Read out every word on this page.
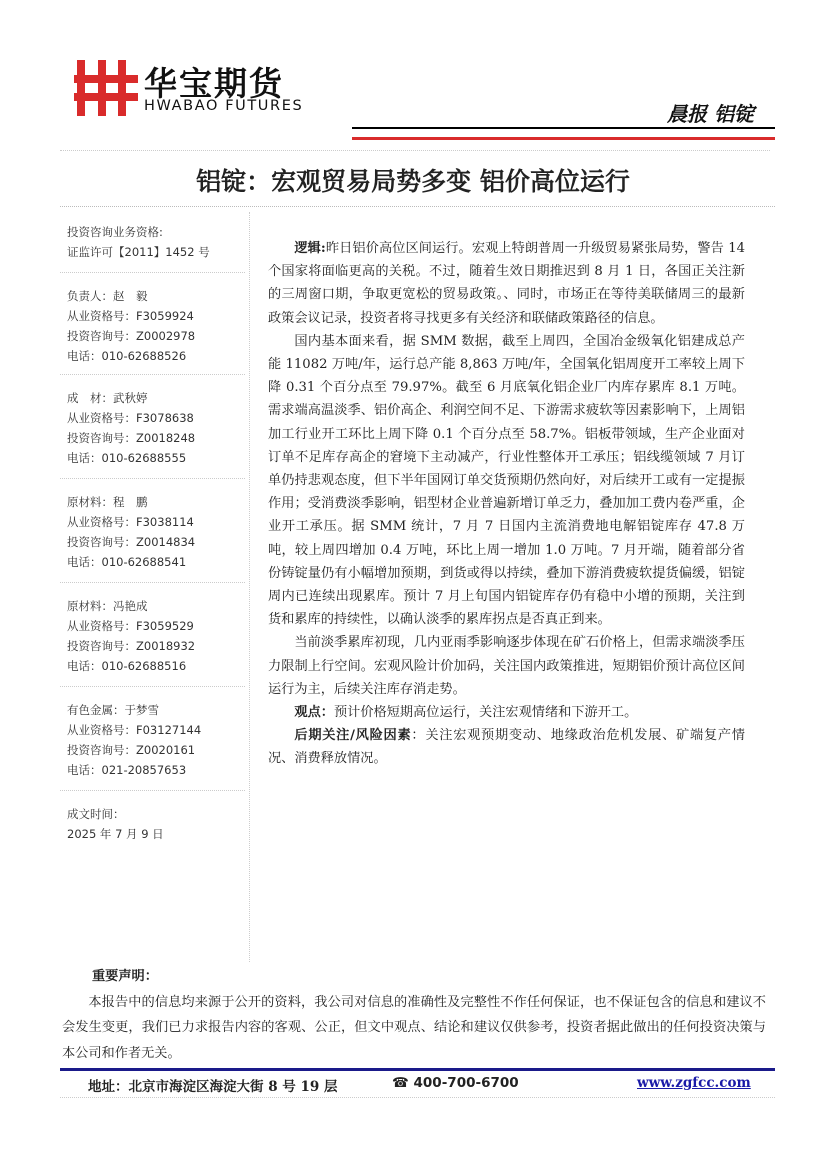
华宝期货
HWABAO FUTURES	晨报 铝锭
铝锭：宏观贸易局势多变 铝价高位运行
投资咨询业务资格:
证监许可【2011】1452 号
负责人：赵　毅
从业资格号：F3059924
投资咨询号：Z0002978
电话：010-62688526
成　材：武秋婷
从业资格号：F3078638
投资咨询号：Z0018248
电话：010-62688555
原材料：程　鹏
从业资格号：F3038114
投资咨询号：Z0014834
电话：010-62688541
原材料：冯艳成
从业资格号：F3059529
投资咨询号：Z0018932
电话：010-62688516
有色金属：于梦雪
从业资格号：F03127144
投资咨询号：Z0020161
电话：021-20857653
成文时间：
2025 年 7 月 9 日

逻辑:昨日铝价高位区间运行。宏观上特朗普周一升级贸易紧张局势，警告 14 个国家将面临更高的关税。不过，随着生效日期推迟到 8 月 1 日，各国正关注新的三周窗口期，争取更宽松的贸易政策。、同时，市场正在等待美联储周三的最新政策会议记录，投资者将寻找更多有关经济和联储政策路径的信息。

国内基本面来看，据 SMM 数据，截至上周四，全国冶金级氧化铝建成总产能 11082 万吨/年，运行总产能 8,863 万吨/年，全国氧化铝周度开工率较上周下降 0.31 个百分点至 79.97%。截至 6 月底氧化铝企业厂内库存累库 8.1 万吨。需求端高温淡季、铝价高企、利润空间不足、下游需求疲软等因素影响下，上周铝加工行业开工环比上周下降 0.1 个百分点至 58.7%。铝板带领域，生产企业面对订单不足库存高企的窘境下主动减产，行业性整体开工承压；铝线缆领域 7 月订单仍持悲观态度，但下半年国网订单交货预期仍然向好，对后续开工或有一定提振作用；受消费淡季影响，铝型材企业普遍新增订单乏力，叠加加工费内卷严重，企业开工承压。据 SMM 统计，7 月 7 日国内主流消费地电解铝锭库存 47.8 万吨，较上周四增加 0.4 万吨，环比上周一增加 1.0 万吨。7 月开端，随着部分省份铸锭量仍有小幅增加预期，到货或得以持续，叠加下游消费疲软提货偏缓，铝锭周内已连续出现累库。预计 7 月上旬国内铝锭库存仍有稳中小增的预期，关注到货和累库的持续性，以确认淡季的累库拐点是否真正到来。

当前淡季累库初现，几内亚雨季影响逐步体现在矿石价格上，但需求端淡季压力限制上行空间。宏观风险计价加码，关注国内政策推进，短期铝价预计高位区间运行为主，后续关注库存消走势。

观点：预计价格短期高位运行，关注宏观情绪和下游开工。

后期关注/风险因素：关注宏观预期变动、地缘政治危机发展、矿端复产情况、消费释放情况。

重要声明：

本报告中的信息均来源于公开的资料，我公司对信息的准确性及完整性不作任何保证，也不保证包含的信息和建议不会发生变更，我们已力求报告内容的客观、公正，但文中观点、结论和建议仅供参考，投资者据此做出的任何投资决策与本公司和作者无关。

地址：北京市海淀区海淀大街 8 号 19 层	☎ 400-700-6700	www.zgfcc.com
